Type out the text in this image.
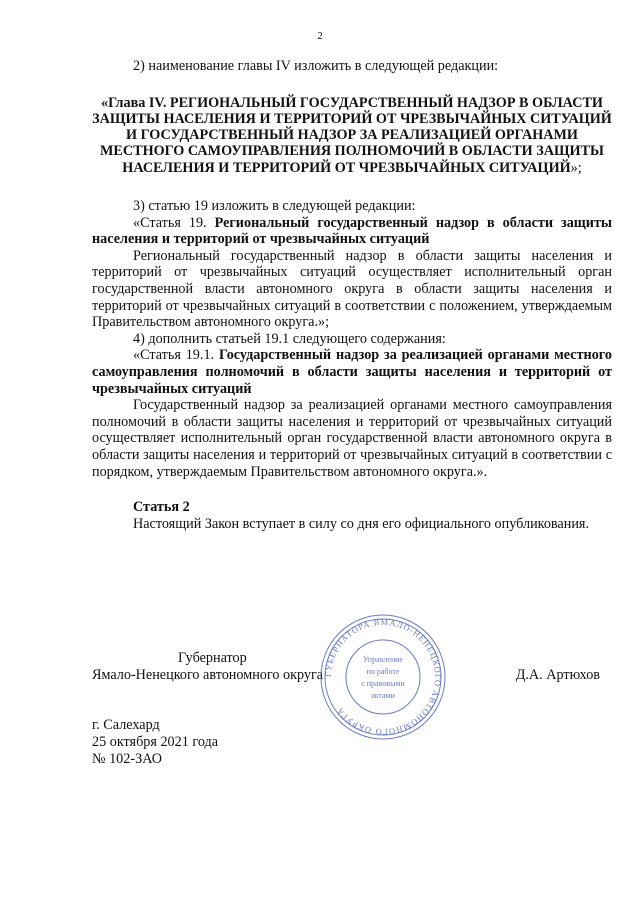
2

2) наименование главы IV изложить в следующей редакции:

«Глава IV. РЕГИОНАЛЬНЫЙ ГОСУДАРСТВЕННЫЙ НАДЗОР В ОБЛАСТИ ЗАЩИТЫ НАСЕЛЕНИЯ И ТЕРРИТОРИЙ ОТ ЧРЕЗВЫЧАЙНЫХ СИТУАЦИЙ И ГОСУДАРСТВЕННЫЙ НАДЗОР ЗА РЕАЛИЗАЦИЕЙ ОРГАНАМИ МЕСТНОГО САМОУПРАВЛЕНИЯ ПОЛНОМОЧИЙ В ОБЛАСТИ ЗАЩИТЫ НАСЕЛЕНИЯ И ТЕРРИТОРИЙ ОТ ЧРЕЗВЫЧАЙНЫХ СИТУАЦИЙ»;

3) статью 19 изложить в следующей редакции:

«Статья 19. Региональный государственный надзор в области защиты населения и территорий от чрезвычайных ситуаций

Региональный государственный надзор в области защиты населения и территорий от чрезвычайных ситуаций осуществляет исполнительный орган государственной власти автономного округа в области защиты населения и территорий от чрезвычайных ситуаций в соответствии с положением, утверждаемым Правительством автономного округа.»;

4) дополнить статьей 19.1 следующего содержания:

«Статья 19.1. Государственный надзор за реализацией органами местного самоуправления полномочий в области защиты населения и территорий от чрезвычайных ситуаций

Государственный надзор за реализацией органами местного самоуправления полномочий в области защиты населения и территорий от чрезвычайных ситуаций осуществляет исполнительный орган государственной власти автономного округа в области защиты населения и территорий от чрезвычайных ситуаций в соответствии с порядком, утверждаемым Правительством автономного округа.».

Статья 2

Настоящий Закон вступает в силу со дня его официального опубликования.

Губернатор
Ямало-Ненецкого автономного округа	Д.А. Артюхов
г. Салехард
25 октября 2021 года
№ 102-ЗАО
ГУБЕРНАТОРА ЯМАЛО-НЕНЕЦКОГО АВТОНОМНОГО ОКРУГА
Управление
по работе
с правовыми
актами
